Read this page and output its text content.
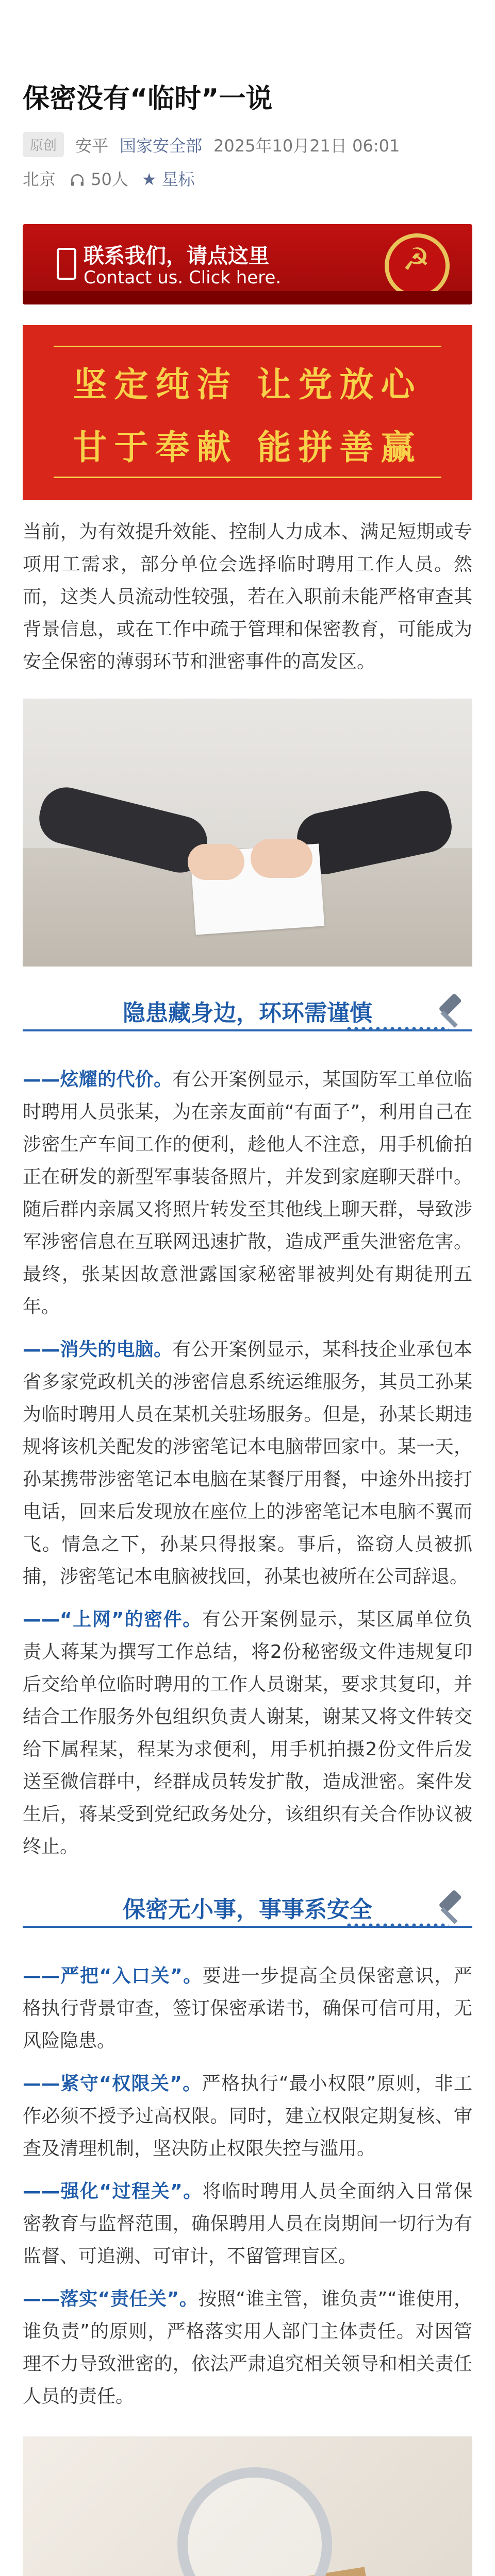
保密没有“临时”一说
原创	安平 国家安全部 2025年10月21日 06:01
北京	50人 ★ 星标
联系我们，请点这里
Contact us. Click here.
☭
坚定纯洁 让党放心
甘于奉献 能拼善赢
当前，为有效提升效能、控制人力成本、满足短期或专项用工需求，部分单位会选择临时聘用工作人员。然而，这类人员流动性较强，若在入职前未能严格审查其背景信息，或在工作中疏于管理和保密教育，可能成为安全保密的薄弱环节和泄密事件的高发区。
隐患藏身边，环环需谨慎
——炫耀的代价。有公开案例显示，某国防军工单位临时聘用人员张某，为在亲友面前“有面子”，利用自己在涉密生产车间工作的便利，趁他人不注意，用手机偷拍正在研发的新型军事装备照片，并发到家庭聊天群中。随后群内亲属又将照片转发至其他线上聊天群，导致涉军涉密信息在互联网迅速扩散，造成严重失泄密危害。最终，张某因故意泄露国家秘密罪被判处有期徒刑五年。
——消失的电脑。有公开案例显示，某科技企业承包本省多家党政机关的涉密信息系统运维服务，其员工孙某为临时聘用人员在某机关驻场服务。但是，孙某长期违规将该机关配发的涉密笔记本电脑带回家中。某一天，孙某携带涉密笔记本电脑在某餐厅用餐，中途外出接打电话，回来后发现放在座位上的涉密笔记本电脑不翼而飞。情急之下，孙某只得报案。事后，盗窃人员被抓捕，涉密笔记本电脑被找回，孙某也被所在公司辞退。
——“上网”的密件。有公开案例显示，某区属单位负责人蒋某为撰写工作总结，将2份秘密级文件违规复印后交给单位临时聘用的工作人员谢某，要求其复印，并结合工作服务外包组织负责人谢某，谢某又将文件转交给下属程某，程某为求便利，用手机拍摄2份文件后发送至微信群中，经群成员转发扩散，造成泄密。案件发生后，蒋某受到党纪政务处分，该组织有关合作协议被终止。
保密无小事，事事系安全
——严把“入口关”。要进一步提高全员保密意识，严格执行背景审查，签订保密承诺书，确保可信可用，无风险隐患。
——紧守“权限关”。严格执行“最小权限”原则，非工作必须不授予过高权限。同时，建立权限定期复核、审查及清理机制，坚决防止权限失控与滥用。
——强化“过程关”。将临时聘用人员全面纳入日常保密教育与监督范围，确保聘用人员在岗期间一切行为有监督、可追溯、可审计，不留管理盲区。
——落实“责任关”。按照“谁主管，谁负责”“谁使用，谁负责”的原则，严格落实用人部门主体责任。对因管理不力导致泄密的，依法严肃追究相关领导和相关责任人员的责任。
